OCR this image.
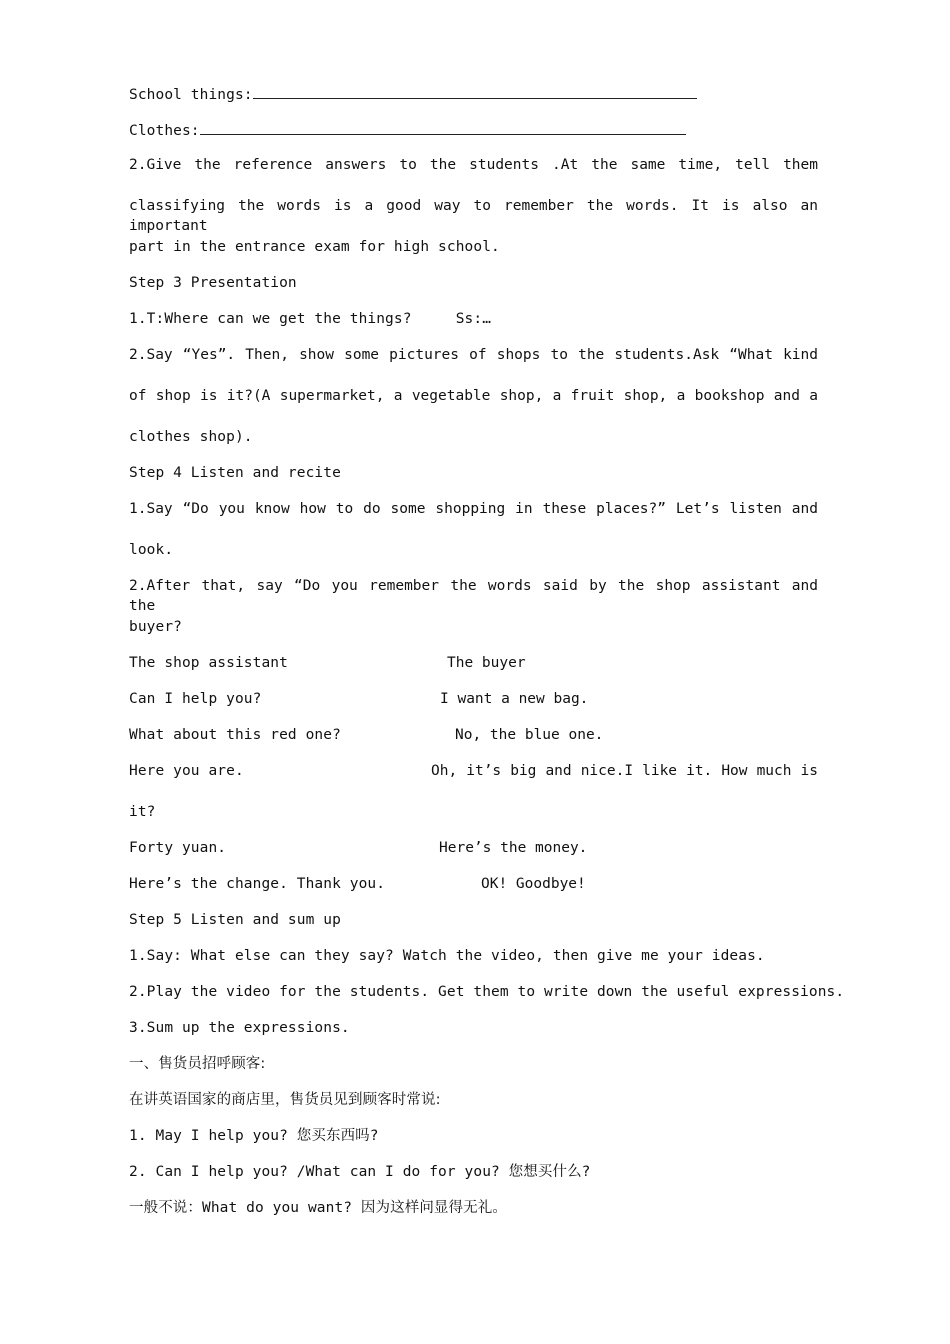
School things:
Clothes:
2.Give the reference answers to the students .At the same time, tell them
classifying the words is a good way to remember the words. It is also an important
part in the entrance exam for high school.
Step 3 Presentation
1.T:Where can we get the things?     Ss:…
2.Say “Yes”. Then, show some pictures of shops to the students.Ask “What kind
of shop is it?(A supermarket, a vegetable shop, a fruit shop, a bookshop and a
clothes shop).
Step 4 Listen and recite
1.Say “Do you know how to do some shopping in these places?” Let’s listen and
look.
2.After that, say “Do you remember the words said by the shop assistant and the
buyer?
The shop assistant	The buyer
Can I help you?	I want a new bag.
What about this red one?	No, the blue one.
Here you are.	Oh, it’s big and nice.I like it. How much is
it?
Forty yuan.	Here’s the money.
Here’s the change. Thank you.	OK! Goodbye!
Step 5 Listen and sum up
1.Say: What else can they say? Watch the video, then give me your ideas.
2.Play the video for the students. Get them to write down the useful expressions.
3.Sum up the expressions.
一、售货员招呼顾客:
在讲英语国家的商店里，售货员见到顾客时常说:
1. May I help you? 您买东西吗?
2. Can I help you? /What can I do for you? 您想买什么?
一般不说：What do you want? 因为这样问显得无礼。
